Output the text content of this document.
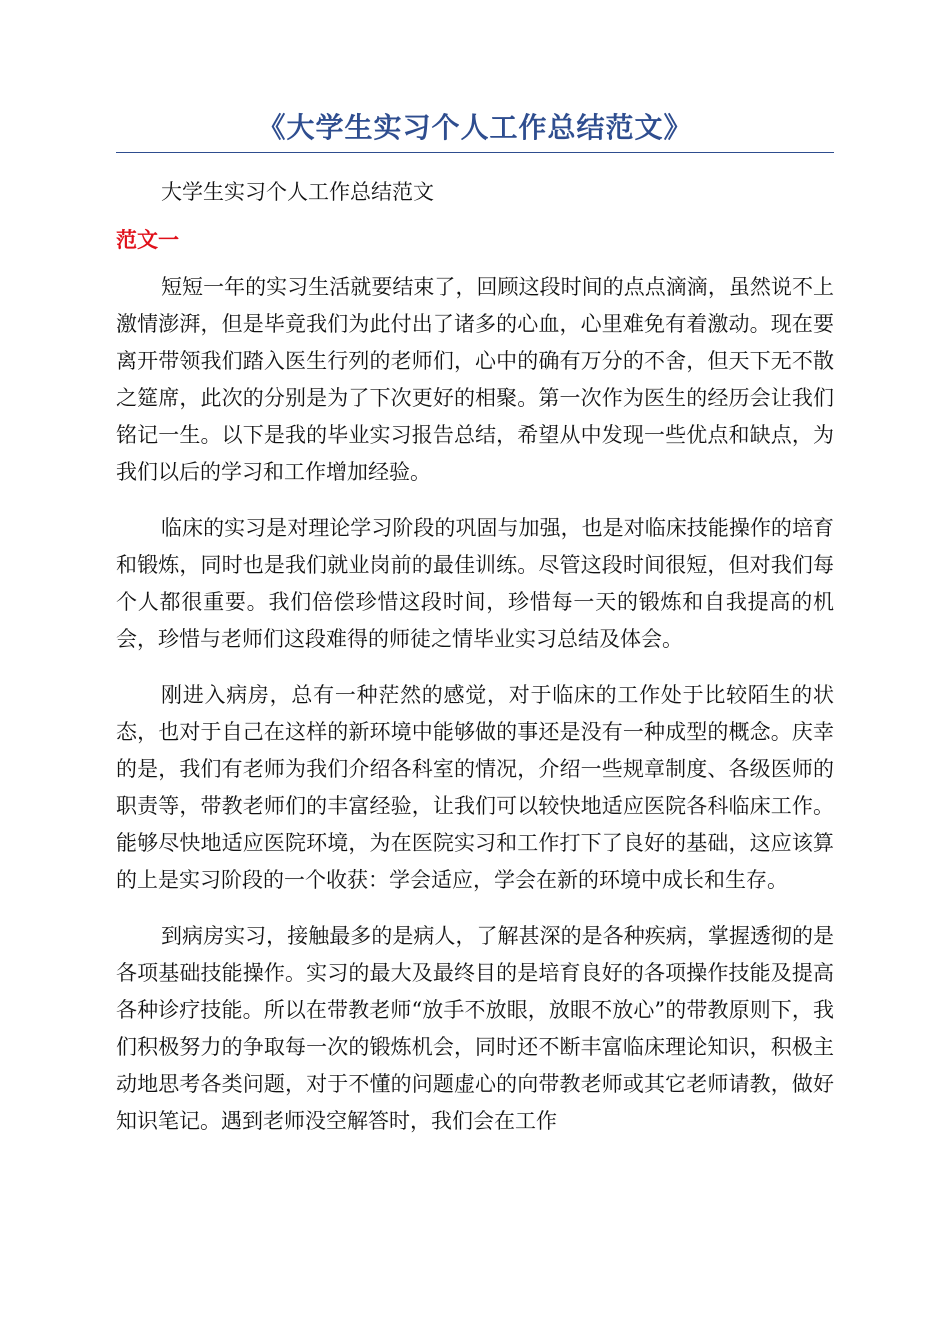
《大学生实习个人工作总结范文》

大学生实习个人工作总结范文

范文一

短短一年的实习生活就要结束了，回顾这段时间的点点滴滴，虽然说不上激情澎湃，但是毕竟我们为此付出了诸多的心血，心里难免有着激动。现在要离开带领我们踏入医生行列的老师们，心中的确有万分的不舍，但天下无不散之筵席，此次的分别是为了下次更好的相聚。第一次作为医生的经历会让我们铭记一生。以下是我的毕业实习报告总结，希望从中发现一些优点和缺点，为我们以后的学习和工作增加经验。

临床的实习是对理论学习阶段的巩固与加强，也是对临床技能操作的培育和锻炼，同时也是我们就业岗前的最佳训练。尽管这段时间很短，但对我们每个人都很重要。我们倍偿珍惜这段时间，珍惜每一天的锻炼和自我提高的机会，珍惜与老师们这段难得的师徒之情毕业实习总结及体会。

刚进入病房，总有一种茫然的感觉，对于临床的工作处于比较陌生的状态，也对于自己在这样的新环境中能够做的事还是没有一种成型的概念。庆幸的是，我们有老师为我们介绍各科室的情况，介绍一些规章制度、各级医师的职责等，带教老师们的丰富经验，让我们可以较快地适应医院各科临床工作。能够尽快地适应医院环境，为在医院实习和工作打下了良好的基础，这应该算的上是实习阶段的一个收获：学会适应，学会在新的环境中成长和生存。

到病房实习，接触最多的是病人，了解甚深的是各种疾病，掌握透彻的是各项基础技能操作。实习的最大及最终目的是培育良好的各项操作技能及提高各种诊疗技能。所以在带教老师“放手不放眼，放眼不放心”的带教原则下，我们积极努力的争取每一次的锻炼机会，同时还不断丰富临床理论知识，积极主动地思考各类问题，对于不懂的问题虚心的向带教老师或其它老师请教，做好知识笔记。遇到老师没空解答时，我们会在工作
